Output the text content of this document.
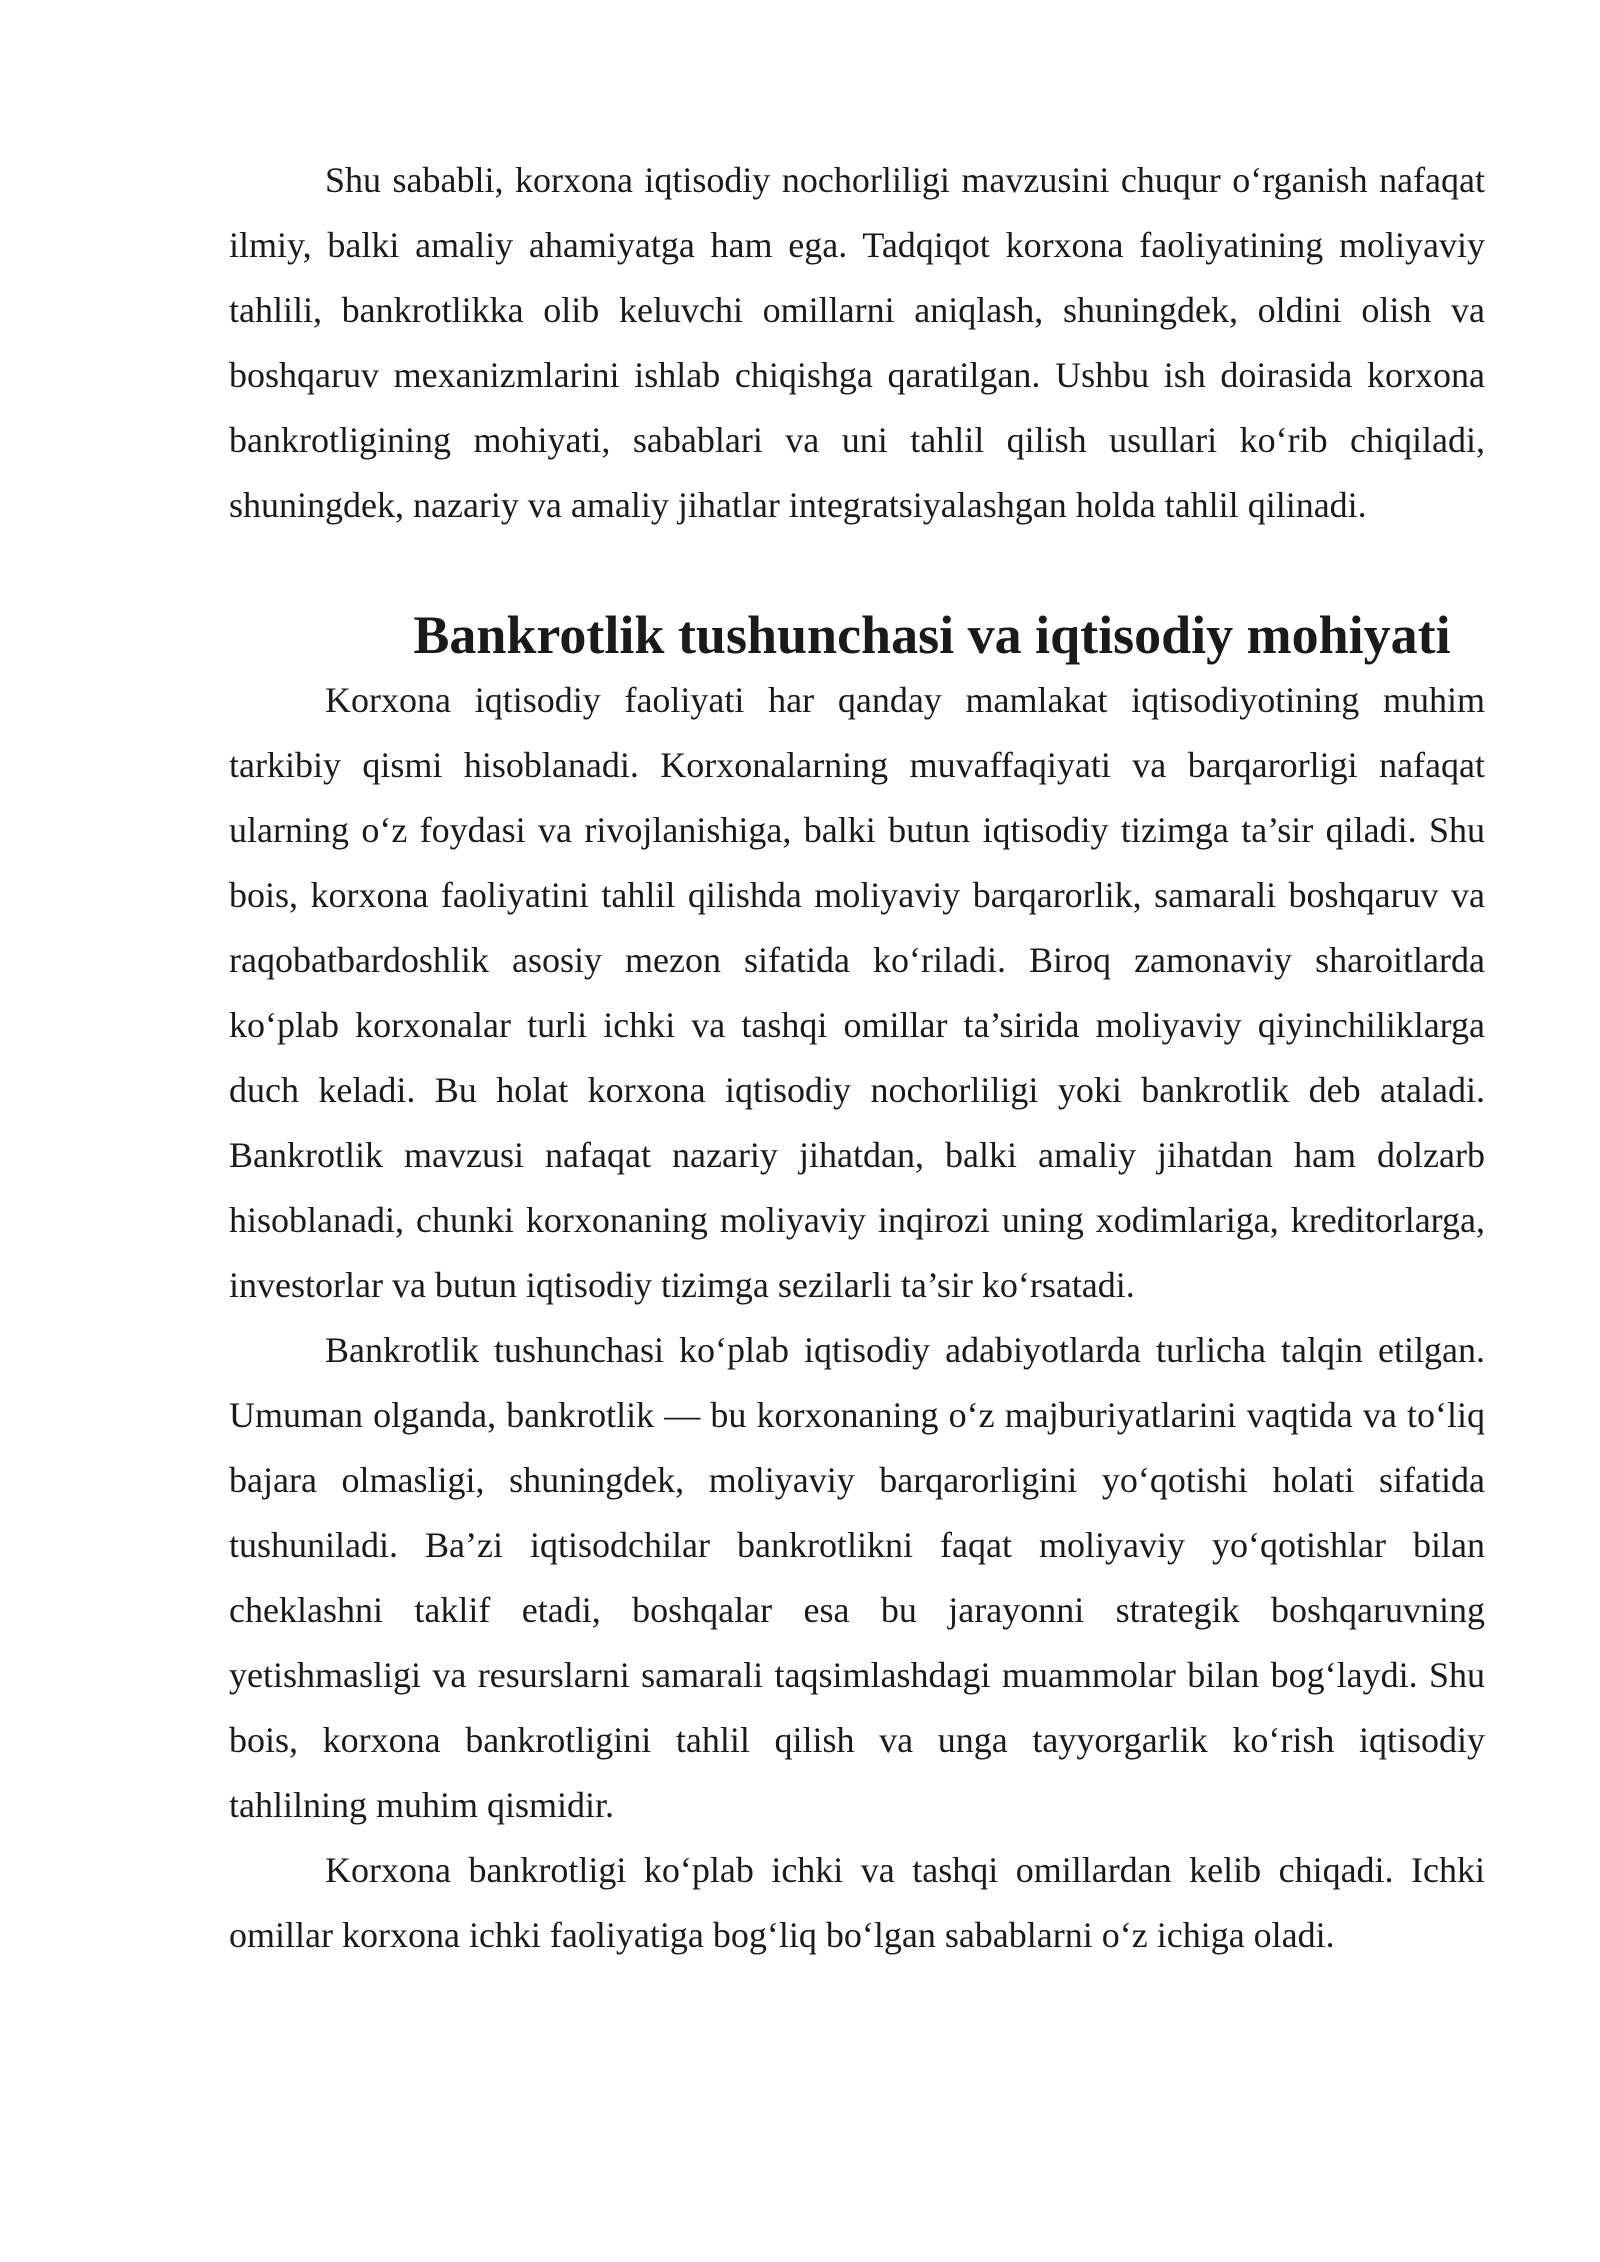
Shu sababli, korxona iqtisodiy nochorliligi mavzusini chuqur o‘rganish nafaqat ilmiy, balki amaliy ahamiyatga ham ega. Tadqiqot korxona faoliyatining moliyaviy tahlili, bankrotlikka olib keluvchi omillarni aniqlash, shuningdek, oldini olish va boshqaruv mexanizmlarini ishlab chiqishga qaratilgan. Ushbu ish doirasida korxona bankrotligining mohiyati, sabablari va uni tahlil qilish usullari ko‘rib chiqiladi, shuningdek, nazariy va amaliy jihatlar integratsiyalashgan holda tahlil qilinadi.

Bankrotlik tushunchasi va iqtisodiy mohiyati

Korxona iqtisodiy faoliyati har qanday mamlakat iqtisodiyotining muhim tarkibiy qismi hisoblanadi. Korxonalarning muvaffaqiyati va barqarorligi nafaqat ularning o‘z foydasi va rivojlanishiga, balki butun iqtisodiy tizimga ta’sir qiladi. Shu bois, korxona faoliyatini tahlil qilishda moliyaviy barqarorlik, samarali boshqaruv va raqobatbardoshlik asosiy mezon sifatida ko‘riladi. Biroq zamonaviy sharoitlarda ko‘plab korxonalar turli ichki va tashqi omillar ta’sirida moliyaviy qiyinchiliklarga duch keladi. Bu holat korxona iqtisodiy nochorliligi yoki bankrotlik deb ataladi. Bankrotlik mavzusi nafaqat nazariy jihatdan, balki amaliy jihatdan ham dolzarb hisoblanadi, chunki korxonaning moliyaviy inqirozi uning xodimlariga, kreditorlarga, investorlar va butun iqtisodiy tizimga sezilarli ta’sir ko‘rsatadi.

Bankrotlik tushunchasi ko‘plab iqtisodiy adabiyotlarda turlicha talqin etilgan. Umuman olganda, bankrotlik — bu korxonaning o‘z majburiyatlarini vaqtida va to‘liq bajara olmasligi, shuningdek, moliyaviy barqarorligini yo‘qotishi holati sifatida tushuniladi. Ba’zi iqtisodchilar bankrotlikni faqat moliyaviy yo‘qotishlar bilan cheklashni taklif etadi, boshqalar esa bu jarayonni strategik boshqaruvning yetishmasligi va resurslarni samarali taqsimlashdagi muammolar bilan bog‘laydi. Shu bois, korxona bankrotligini tahlil qilish va unga tayyorgarlik ko‘rish iqtisodiy tahlilning muhim qismidir.

Korxona bankrotligi ko‘plab ichki va tashqi omillardan kelib chiqadi. Ichki omillar korxona ichki faoliyatiga bog‘liq bo‘lgan sabablarni o‘z ichiga oladi.
